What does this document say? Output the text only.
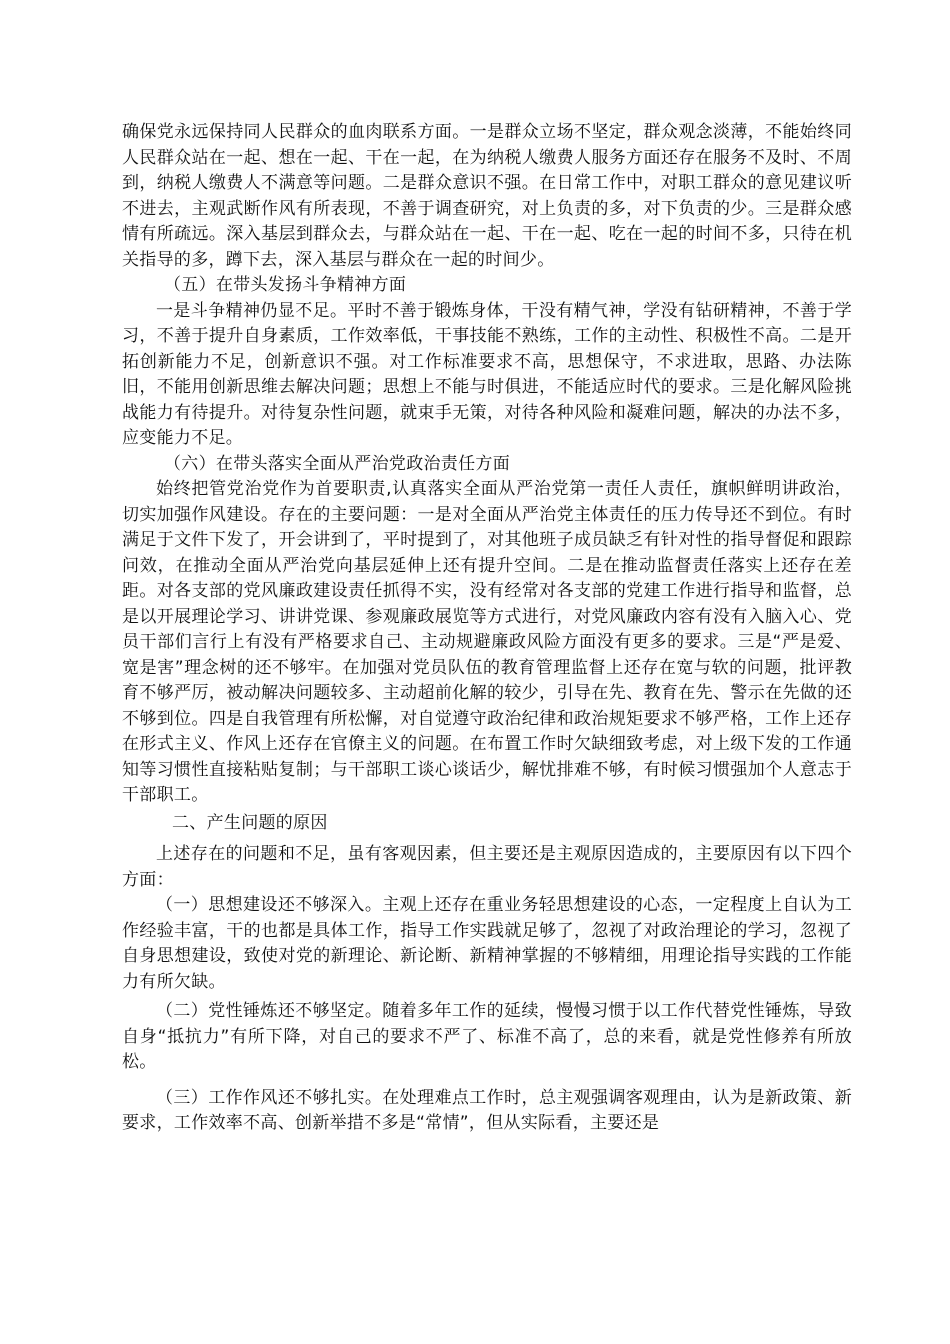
确保党永远保持同人民群众的血肉联系方面。一是群众立场不坚定，群众观念淡薄，不能始终同人民群众站在一起、想在一起、干在一起，在为纳税人缴费人服务方面还存在服务不及时、不周到，纳税人缴费人不满意等问题。二是群众意识不强。在日常工作中，对职工群众的意见建议听不进去，主观武断作风有所表现，不善于调查研究，对上负责的多，对下负责的少。三是群众感情有所疏远。深入基层到群众去，与群众站在一起、干在一起、吃在一起的时间不多，只待在机关指导的多，蹲下去，深入基层与群众在一起的时间少。

（五）在带头发扬斗争精神方面

一是斗争精神仍显不足。平时不善于锻炼身体，干没有精气神，学没有钻研精神，不善于学习，不善于提升自身素质，工作效率低，干事技能不熟练，工作的主动性、积极性不高。二是开拓创新能力不足，创新意识不强。对工作标准要求不高，思想保守，不求进取，思路、办法陈旧，不能用创新思维去解决问题；思想上不能与时俱进，不能适应时代的要求。三是化解风险挑战能力有待提升。对待复杂性问题，就束手无策，对待各种风险和凝难问题，解决的办法不多，应变能力不足。

（六）在带头落实全面从严治党政治责任方面

始终把管党治党作为首要职责,认真落实全面从严治党第一责任人责任，旗帜鲜明讲政治，切实加强作风建设。存在的主要问题：一是对全面从严治党主体责任的压力传导还不到位。有时满足于文件下发了，开会讲到了，平时提到了，对其他班子成员缺乏有针对性的指导督促和跟踪问效，在推动全面从严治党向基层延伸上还有提升空间。二是在推动监督责任落实上还存在差距。对各支部的党风廉政建设责任抓得不实，没有经常对各支部的党建工作进行指导和监督，总是以开展理论学习、讲讲党课、参观廉政展览等方式进行，对党风廉政内容有没有入脑入心、党员干部们言行上有没有严格要求自己、主动规避廉政风险方面没有更多的要求。三是“严是爱、宽是害”理念树的还不够牢。在加强对党员队伍的教育管理监督上还存在宽与软的问题，批评教育不够严厉，被动解决问题较多、主动超前化解的较少，引导在先、教育在先、警示在先做的还不够到位。四是自我管理有所松懈，对自觉遵守政治纪律和政治规矩要求不够严格，工作上还存在形式主义、作风上还存在官僚主义的问题。在布置工作时欠缺细致考虑，对上级下发的工作通知等习惯性直接粘贴复制；与干部职工谈心谈话少，解忧排难不够，有时候习惯强加个人意志于干部职工。

二、产生问题的原因

上述存在的问题和不足，虽有客观因素，但主要还是主观原因造成的，主要原因有以下四个方面：

（一）思想建设还不够深入。主观上还存在重业务轻思想建设的心态，一定程度上自认为工作经验丰富，干的也都是具体工作，指导工作实践就足够了，忽视了对政治理论的学习，忽视了自身思想建设，致使对党的新理论、新论断、新精神掌握的不够精细，用理论指导实践的工作能力有所欠缺。

（二）党性锤炼还不够坚定。随着多年工作的延续，慢慢习惯于以工作代替党性锤炼，导致自身“抵抗力”有所下降，对自己的要求不严了、标准不高了，总的来看，就是党性修养有所放松。

（三）工作作风还不够扎实。在处理难点工作时，总主观强调客观理由，认为是新政策、新要求，工作效率不高、创新举措不多是“常情”，但从实际看，主要还是
